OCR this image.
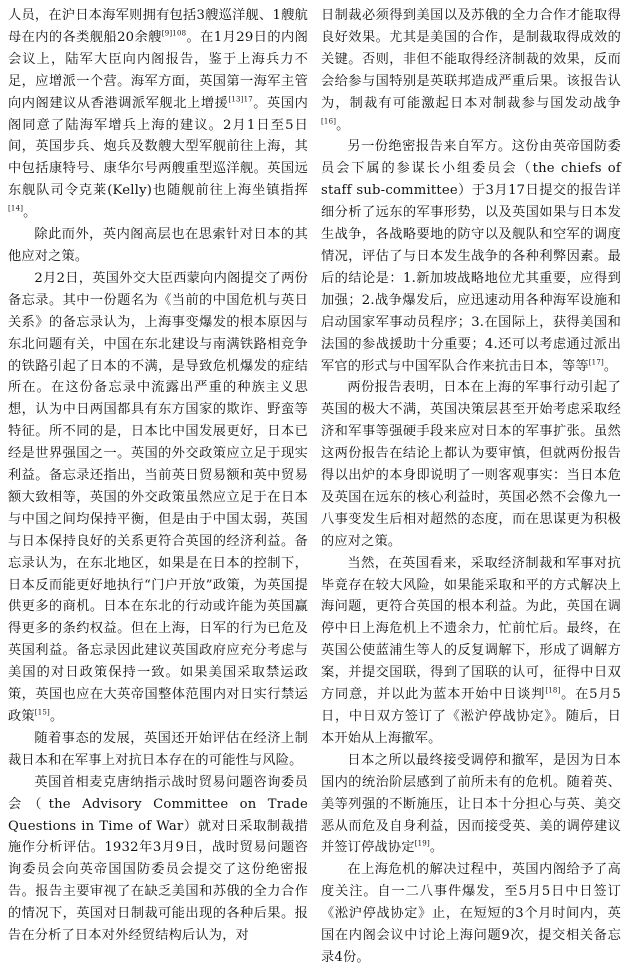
人员，在沪日本海军则拥有包括3艘巡洋舰、1艘航母在内的各类舰船20余艘$^{[9]108}$。在1月29日的内阁会议上，陆军大臣向内阁报告，鉴于上海兵力不足，应增派一个营。海军方面，英国第一海军主管向内阁建议从香港调派军舰北上增援$^{[13]17}$。英国内阁同意了陆海军增兵上海的建议。2月1日至5日间，英国步兵、炮兵及数艘大型军舰前往上海，其中包括康特号、康华尔号两艘重型巡洋舰。英国远东舰队司令克莱(Kelly)也随舰前往上海坐镇指挥[14]。

除此而外，英内阁高层也在思索针对日本的其他应对之策。

2月2日，英国外交大臣西蒙向内阁提交了两份备忘录。其中一份题名为《当前的中国危机与英日关系》的备忘录认为，上海事变爆发的根本原因与东北问题有关，中国在东北建设与南满铁路相竞争的铁路引起了日本的不满，是导致危机爆发的症结所在。在这份备忘录中流露出严重的种族主义思想，认为中日两国都具有东方国家的欺诈、野蛮等特征。所不同的是，日本比中国发展更好，日本已经是世界强国之一。英国的外交政策应立足于现实利益。备忘录还指出，当前英日贸易额和英中贸易额大致相等，英国的外交政策虽然应立足于在日本与中国之间均保持平衡，但是由于中国太弱，英国与日本保持良好的关系更符合英国的经济利益。备忘录认为，在东北地区，如果是在日本的控制下，日本反而能更好地执行“门户开放”政策，为英国提供更多的商机。日本在东北的行动或许能为英国赢得更多的条约权益。但在上海，日军的行为已危及英国利益。备忘录因此建议英国政府应充分考虑与美国的对日政策保持一致。如果美国采取禁运政策，英国也应在大英帝国整体范围内对日实行禁运政策[15]。

随着事态的发展，英国还开始评估在经济上制裁日本和在军事上对抗日本存在的可能性与风险。

英国首相麦克唐纳指示战时贸易问题咨询委员会（the Advisory Committee on Trade Questions in Time of War）就对日采取制裁措施作分析评估。1932年3月9日，战时贸易问题咨询委员会向英帝国国防委员会提交了这份绝密报告。报告主要审视了在缺乏美国和苏俄的全力合作的情况下，英国对日制裁可能出现的各种后果。报告在分析了日本对外经贸结构后认为，对

日制裁必须得到美国以及苏俄的全力合作才能取得良好效果。尤其是美国的合作，是制裁取得成效的关键。否则，非但不能取得经济制裁的效果，反而会给参与国特别是英联邦造成严重后果。该报告认为，制裁有可能激起日本对制裁参与国发动战争[16]。

另一份绝密报告来自军方。这份由英帝国防委员会下属的参谋长小组委员会（the chiefs of staff sub-committee）于3月17日提交的报告详细分析了远东的军事形势，以及英国如果与日本发生战争，各战略要地的防守以及舰队和空军的调度情况，评估了与日本发生战争的各种利弊因素。最后的结论是：1.新加坡战略地位尤其重要，应得到加强；2.战争爆发后，应迅速动用各种海军设施和启动国家军事动员程序；3.在国际上，获得美国和法国的参战援助十分重要；4.还可以考虑通过派出军官的形式与中国军队合作来抗击日本，等等[17]。

两份报告表明，日本在上海的军事行动引起了英国的极大不满，英国决策层甚至开始考虑采取经济和军事等强硬手段来应对日本的军事扩张。虽然这两份报告在结论上都认为要审慎，但就两份报告得以出炉的本身即说明了一则客观事实：当日本危及英国在远东的核心利益时，英国必然不会像九一八事变发生后相对超然的态度，而在思谋更为积极的应对之策。

当然，在英国看来，采取经济制裁和军事对抗毕竟存在较大风险，如果能采取和平的方式解决上海问题，更符合英国的根本利益。为此，英国在调停中日上海危机上不遗余力，忙前忙后。最终，在英国公使蓝浦生等人的反复调解下，形成了调解方案，并提交国联，得到了国联的认可，征得中日双方同意，并以此为蓝本开始中日谈判[18]。在5月5日，中日双方签订了《淞沪停战协定》。随后，日本开始从上海撤军。

日本之所以最终接受调停和撤军，是因为日本国内的统治阶层感到了前所未有的危机。随着英、美等列强的不断施压，让日本十分担心与英、美交恶从而危及自身利益，因而接受英、美的调停建议并签订停战协定[19]。

在上海危机的解决过程中，英国内阁给予了高度关注。自一二八事件爆发，至5月5日中日签订《淞沪停战协定》止，在短短的3个月时间内，英国在内阁会议中讨论上海问题9次，提交相关备忘录4份。
